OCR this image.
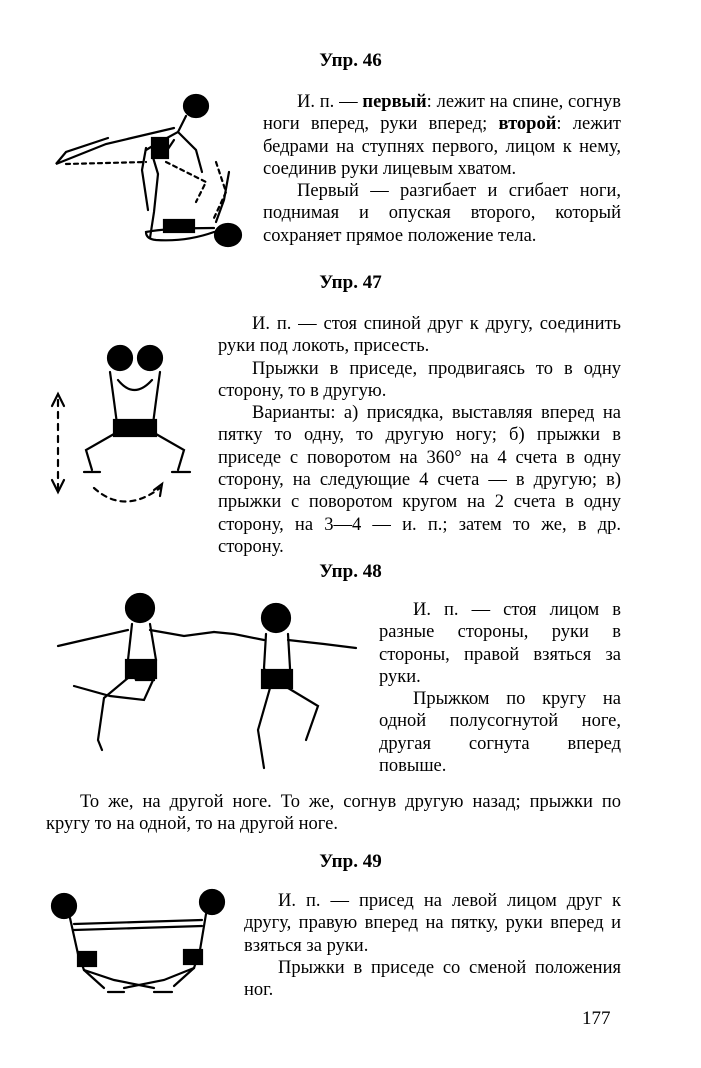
Упр. 46

И. п. — первый: лежит на спине, согнув ноги вперед, руки вперед; второй: лежит бедрами на ступнях первого, лицом к нему, соединив руки лицевым хватом.

Первый — разгибает и сгибает ноги, поднимая и опуская второго, который сохраняет прямое положение тела.

Упр. 47

И. п. — стоя спиной друг к другу, соединить руки под локоть, присесть.

Прыжки в приседе, продвигаясь то в одну сторону, то в другую.

Варианты: а) присядка, выставляя вперед на пятку то одну, то другую ногу; б) прыжки в приседе с поворотом на 360° на 4 счета в одну сторону, на следующие 4 счета — в другую; в) прыжки с поворотом кругом на 2 счета в одну сторону, на 3—4 — и. п.; затем то же, в др. сторону.

Упр. 48

И. п. — стоя лицом в разные стороны, руки в стороны, правой взяться за руки.

Прыжком по кругу на одной полусогнутой ноге, другая согнута вперед повыше.

То же, на другой ноге. То же, согнув другую назад; прыжки по кругу то на одной, то на другой ноге.

Упр. 49

И. п. — присед на левой лицом друг к другу, правую вперед на пятку, руки вперед и взяться за руки.

Прыжки в приседе со сменой положения ног.

177
